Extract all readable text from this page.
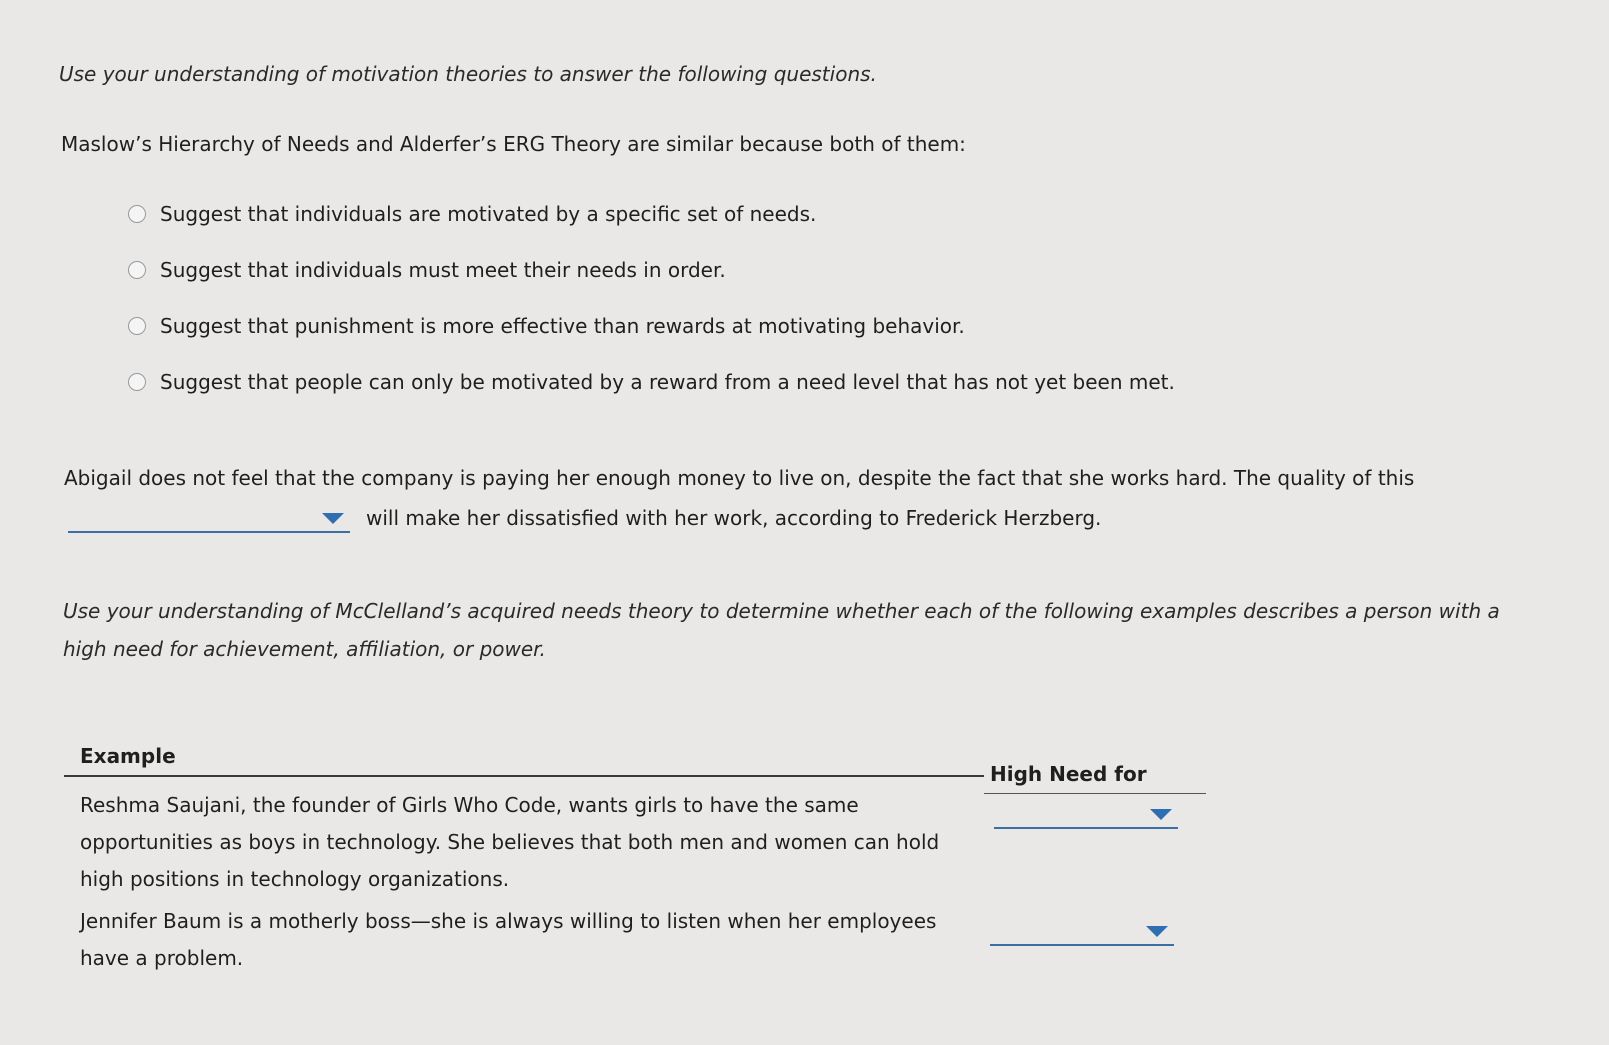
Use your understanding of motivation theories to answer the following questions.
Maslow’s Hierarchy of Needs and Alderfer’s ERG Theory are similar because both of them:
Suggest that individuals are motivated by a specific set of needs.
Suggest that individuals must meet their needs in order.
Suggest that punishment is more effective than rewards at motivating behavior.
Suggest that people can only be motivated by a reward from a need level that has not yet been met.
Abigail does not feel that the company is paying her enough money to live on, despite the fact that she works hard. The quality of this

will make her dissatisfied with her work, according to Frederick Herzberg.
Use your understanding of McClelland’s acquired needs theory to determine whether each of the following examples describes a person with a high need for achievement, affiliation, or power.
Example
High Need for
Reshma Saujani, the founder of Girls Who Code, wants girls to have the same opportunities as boys in technology. She believes that both men and women can hold high positions in technology organizations.
Jennifer Baum is a motherly boss—she is always willing to listen when her employees have a problem.
